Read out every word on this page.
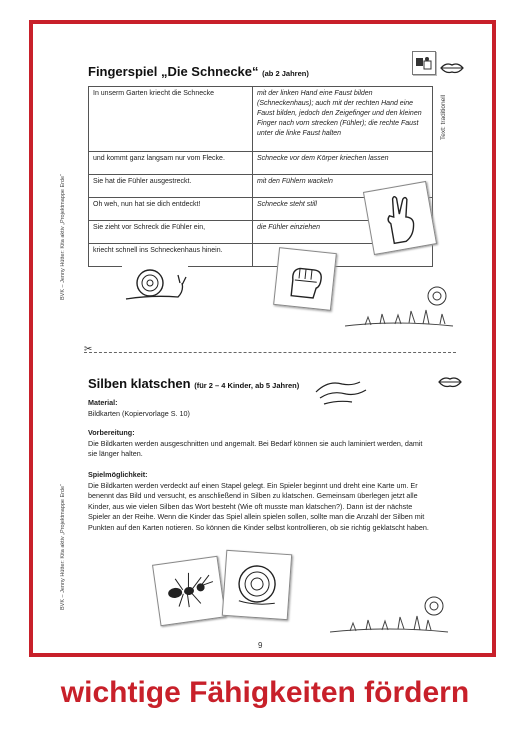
BVK – Jenny Hütter: Kita aktiv „Projektmappe Erde“
BVK – Jenny Hütter: Kita aktiv „Projektmappe Erde“
Text: traditionell
Fingerspiel „Die Schnecke“ (ab 2 Jahren)
In unserm Garten kriecht die Schnecke	mit der linken Hand eine Faust bilden (Schneckenhaus); auch mit der rechten Hand eine Faust bilden, jedoch den Zeigefinger und den kleinen Finger nach vorn strecken (Fühler); die rechte Faust unter die linke Faust halten
und kommt ganz langsam nur vom Flecke.	Schnecke vor dem Körper kriechen lassen
Sie hat die Fühler ausgestreckt.	mit den Fühlern wackeln
Oh weh, nun hat sie dich entdeckt!	Schnecke steht still
Sie zieht vor Schreck die Fühler ein,	die Fühler einziehen
kriecht schnell ins Schneckenhaus hinein.	
✂
Silben klatschen (für 2 – 4 Kinder, ab 5 Jahren)
Material:
Bildkarten (Kopiervorlage S. 10)
Vorbereitung:
Die Bildkarten werden ausgeschnitten und angemalt. Bei Bedarf können sie auch laminiert werden, damit sie länger halten.
Spielmöglichkeit:
Die Bildkarten werden verdeckt auf einen Stapel gelegt. Ein Spieler beginnt und dreht eine Karte um. Er benennt das Bild und versucht, es anschließend in Silben zu klatschen. Gemeinsam überlegen jetzt alle Kinder, aus wie vielen Silben das Wort besteht (Wie oft musste man klatschen?). Dann ist der nächste Spieler an der Reihe. Wenn die Kinder das Spiel allein spielen sollen, sollte man die Anzahl der Silben mit Punkten auf den Karten notieren. So können die Kinder selbst kontrollieren, ob sie richtig geklatscht haben.
9
wichtige Fähigkeiten fördern
